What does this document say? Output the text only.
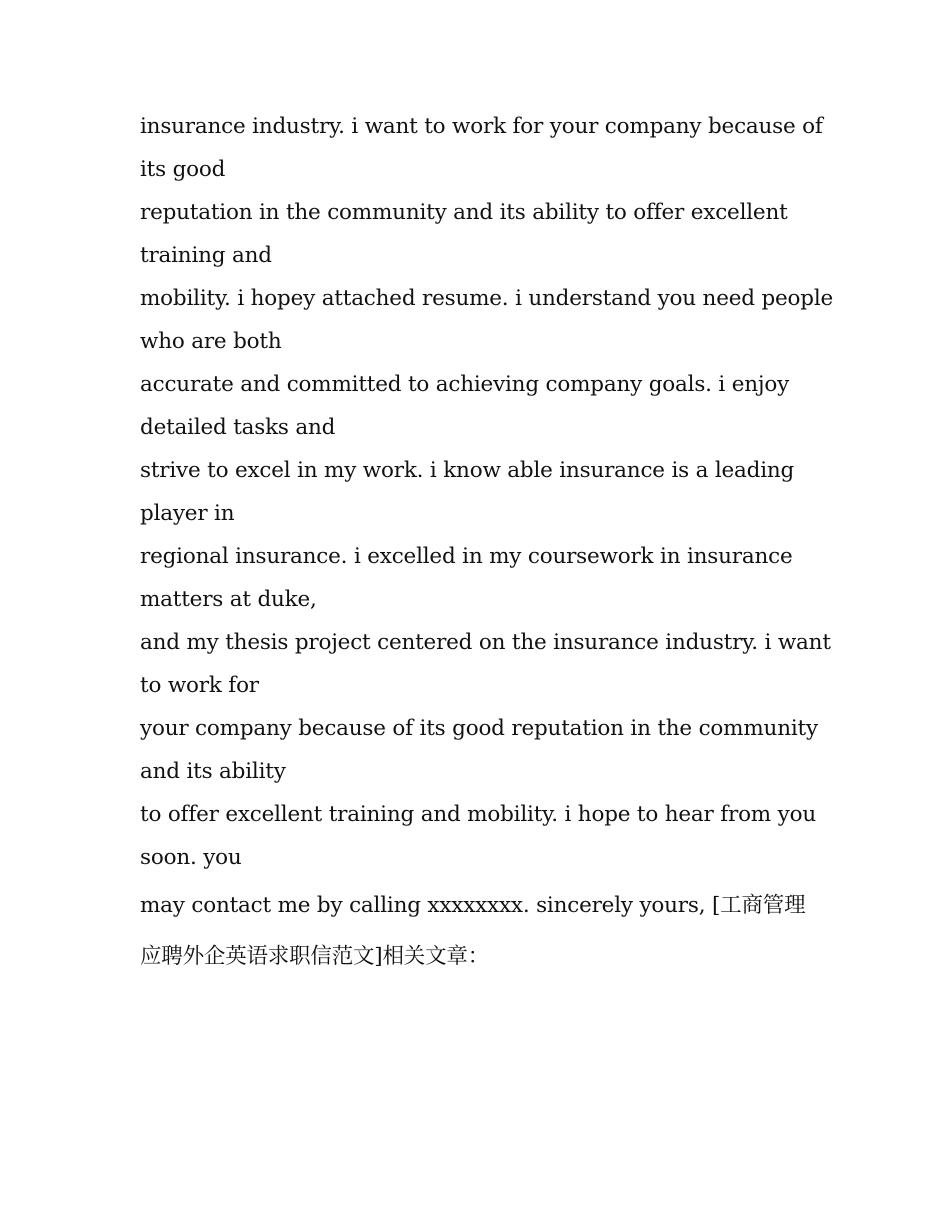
insurance industry. i want to work for your company because of
its good
reputation in the community and its ability to offer excellent
training and
mobility. i hopey attached resume. i understand you need people
who are both
accurate and committed to achieving company goals. i enjoy
detailed tasks and
strive to excel in my work. i know able insurance is a leading
player in
regional insurance. i excelled in my coursework in insurance
matters at duke,
and my thesis project centered on the insurance industry. i want
to work for
your company because of its good reputation in the community
and its ability
to offer excellent training and mobility. i hope to hear from you
soon. you
may contact me by calling xxxxxxxx. sincerely yours, [工商管理
应聘外企英语求职信范文]相关文章：
